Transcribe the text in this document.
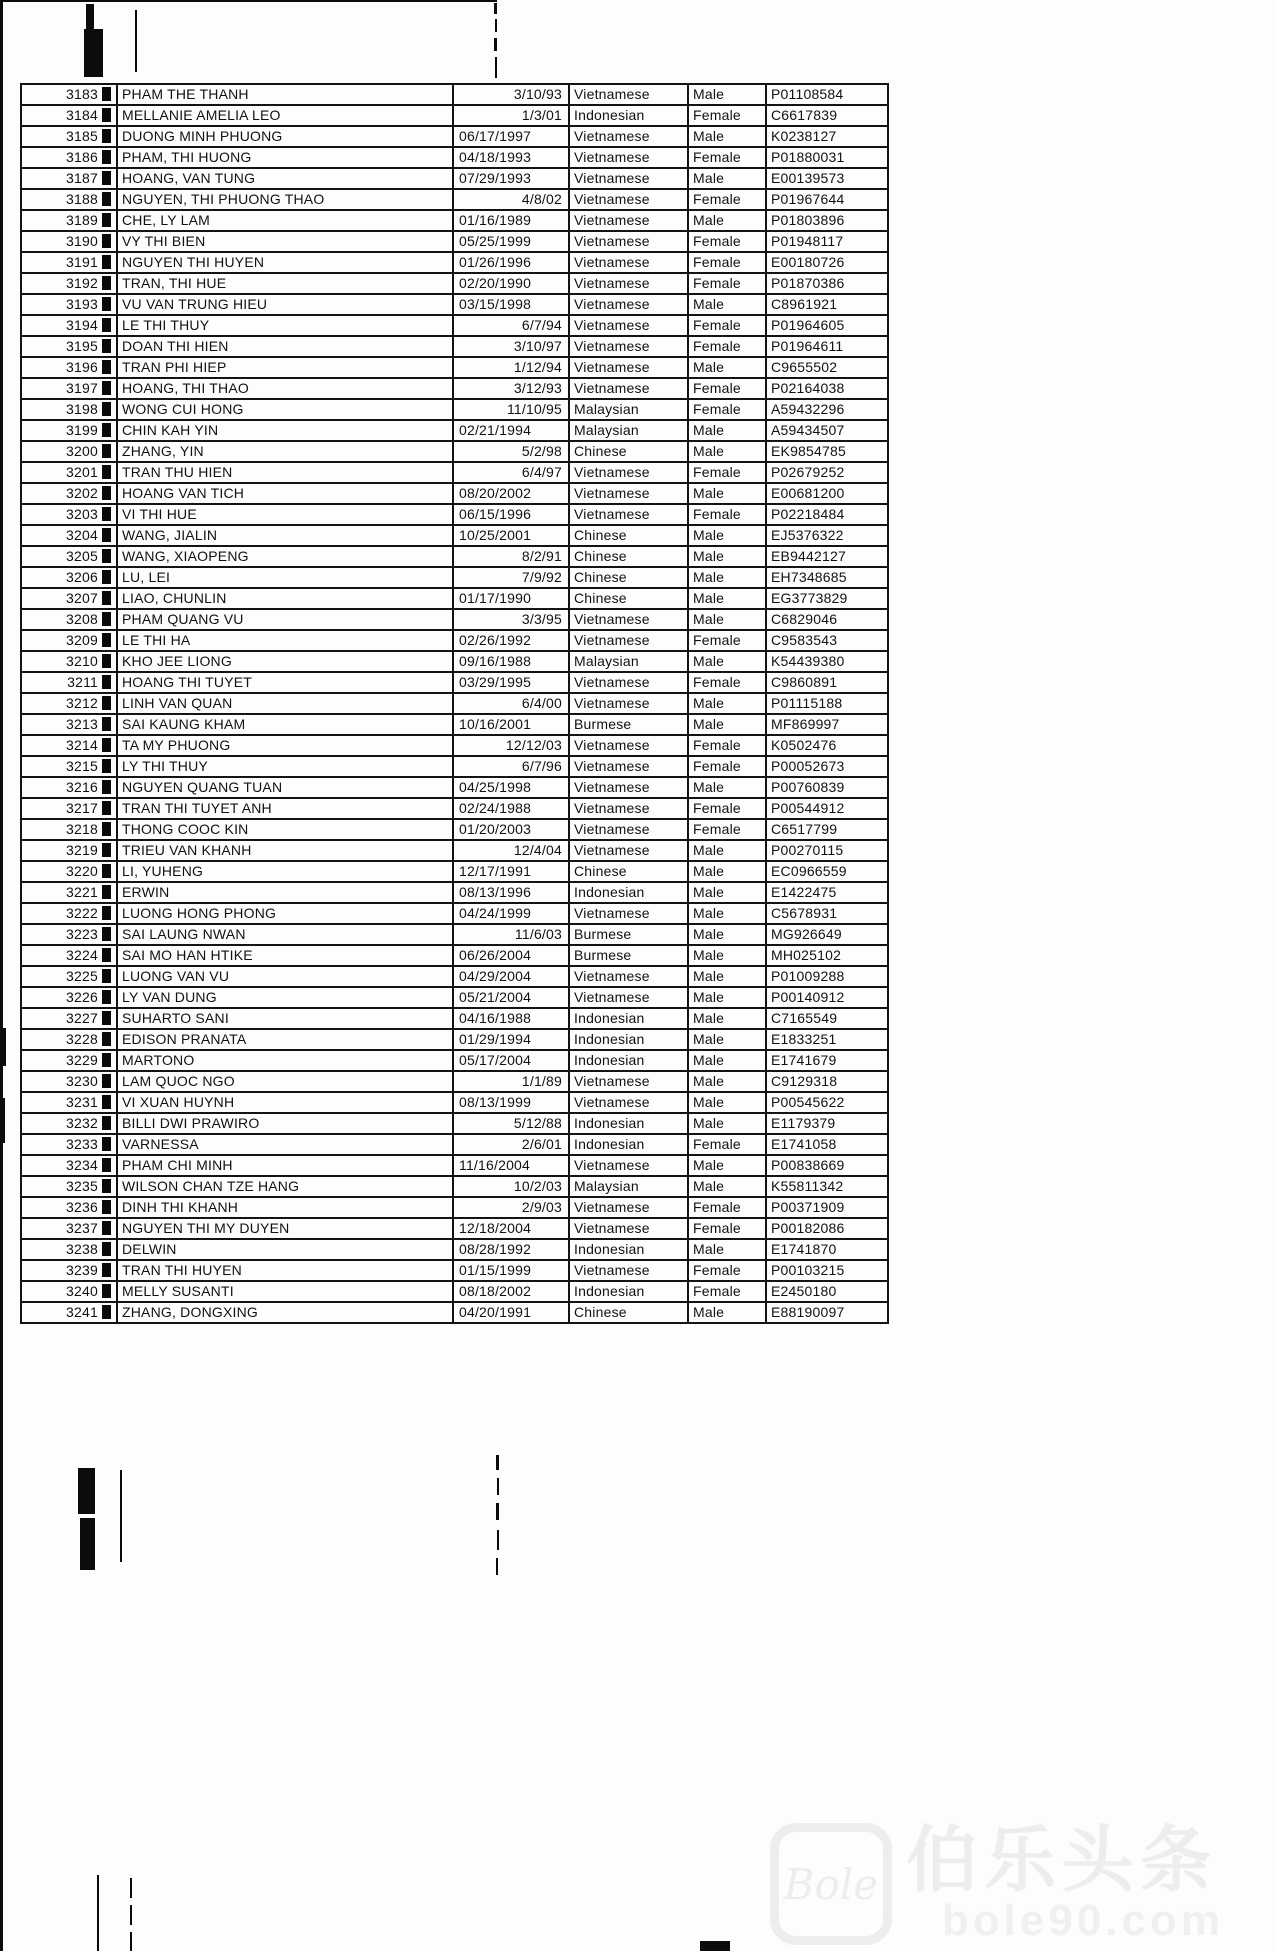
3183	PHAM THE THANH	3/10/93	Vietnamese	Male	P01108584
3184	MELLANIE AMELIA LEO	1/3/01	Indonesian	Female	C6617839
3185	DUONG MINH PHUONG	06/17/1997	Vietnamese	Male	K0238127
3186	PHAM, THI HUONG	04/18/1993	Vietnamese	Female	P01880031
3187	HOANG, VAN TUNG	07/29/1993	Vietnamese	Male	E00139573
3188	NGUYEN, THI PHUONG THAO	4/8/02	Vietnamese	Female	P01967644
3189	CHE, LY LAM	01/16/1989	Vietnamese	Male	P01803896
3190	VY THI BIEN	05/25/1999	Vietnamese	Female	P01948117
3191	NGUYEN THI HUYEN	01/26/1996	Vietnamese	Female	E00180726
3192	TRAN, THI HUE	02/20/1990	Vietnamese	Female	P01870386
3193	VU VAN TRUNG HIEU	03/15/1998	Vietnamese	Male	C8961921
3194	LE THI THUY	6/7/94	Vietnamese	Female	P01964605
3195	DOAN THI HIEN	3/10/97	Vietnamese	Female	P01964611
3196	TRAN PHI HIEP	1/12/94	Vietnamese	Male	C9655502
3197	HOANG, THI THAO	3/12/93	Vietnamese	Female	P02164038
3198	WONG CUI HONG	11/10/95	Malaysian	Female	A59432296
3199	CHIN KAH YIN	02/21/1994	Malaysian	Male	A59434507
3200	ZHANG, YIN	5/2/98	Chinese	Male	EK9854785
3201	TRAN THU HIEN	6/4/97	Vietnamese	Female	P02679252
3202	HOANG VAN TICH	08/20/2002	Vietnamese	Male	E00681200
3203	VI THI HUE	06/15/1996	Vietnamese	Female	P02218484
3204	WANG, JIALIN	10/25/2001	Chinese	Male	EJ5376322
3205	WANG, XIAOPENG	8/2/91	Chinese	Male	EB9442127
3206	LU, LEI	7/9/92	Chinese	Male	EH7348685
3207	LIAO, CHUNLIN	01/17/1990	Chinese	Male	EG3773829
3208	PHAM QUANG VU	3/3/95	Vietnamese	Male	C6829046
3209	LE THI HA	02/26/1992	Vietnamese	Female	C9583543
3210	KHO JEE LIONG	09/16/1988	Malaysian	Male	K54439380
3211	HOANG THI TUYET	03/29/1995	Vietnamese	Female	C9860891
3212	LINH VAN QUAN	6/4/00	Vietnamese	Male	P01115188
3213	SAI KAUNG KHAM	10/16/2001	Burmese	Male	MF869997
3214	TA MY PHUONG	12/12/03	Vietnamese	Female	K0502476
3215	LY THI THUY	6/7/96	Vietnamese	Female	P00052673
3216	NGUYEN QUANG TUAN	04/25/1998	Vietnamese	Male	P00760839
3217	TRAN THI TUYET ANH	02/24/1988	Vietnamese	Female	P00544912
3218	THONG COOC KIN	01/20/2003	Vietnamese	Female	C6517799
3219	TRIEU VAN KHANH	12/4/04	Vietnamese	Male	P00270115
3220	LI, YUHENG	12/17/1991	Chinese	Male	EC0966559
3221	ERWIN	08/13/1996	Indonesian	Male	E1422475
3222	LUONG HONG PHONG	04/24/1999	Vietnamese	Male	C5678931
3223	SAI LAUNG NWAN	11/6/03	Burmese	Male	MG926649
3224	SAI MO HAN HTIKE	06/26/2004	Burmese	Male	MH025102
3225	LUONG VAN VU	04/29/2004	Vietnamese	Male	P01009288
3226	LY VAN DUNG	05/21/2004	Vietnamese	Male	P00140912
3227	SUHARTO SANI	04/16/1988	Indonesian	Male	C7165549
3228	EDISON PRANATA	01/29/1994	Indonesian	Male	E1833251
3229	MARTONO	05/17/2004	Indonesian	Male	E1741679
3230	LAM QUOC NGO	1/1/89	Vietnamese	Male	C9129318
3231	VI XUAN HUYNH	08/13/1999	Vietnamese	Male	P00545622
3232	BILLI DWI PRAWIRO	5/12/88	Indonesian	Male	E1179379
3233	VARNESSA	2/6/01	Indonesian	Female	E1741058
3234	PHAM CHI MINH	11/16/2004	Vietnamese	Male	P00838669
3235	WILSON CHAN TZE HANG	10/2/03	Malaysian	Male	K55811342
3236	DINH THI KHANH	2/9/03	Vietnamese	Female	P00371909
3237	NGUYEN THI MY DUYEN	12/18/2004	Vietnamese	Female	P00182086
3238	DELWIN	08/28/1992	Indonesian	Male	E1741870
3239	TRAN THI HUYEN	01/15/1999	Vietnamese	Female	P00103215
3240	MELLY SUSANTI	08/18/2002	Indonesian	Female	E2450180
3241	ZHANG, DONGXING	04/20/1991	Chinese	Male	E88190097
Bole 伯乐头条
bole90.com
